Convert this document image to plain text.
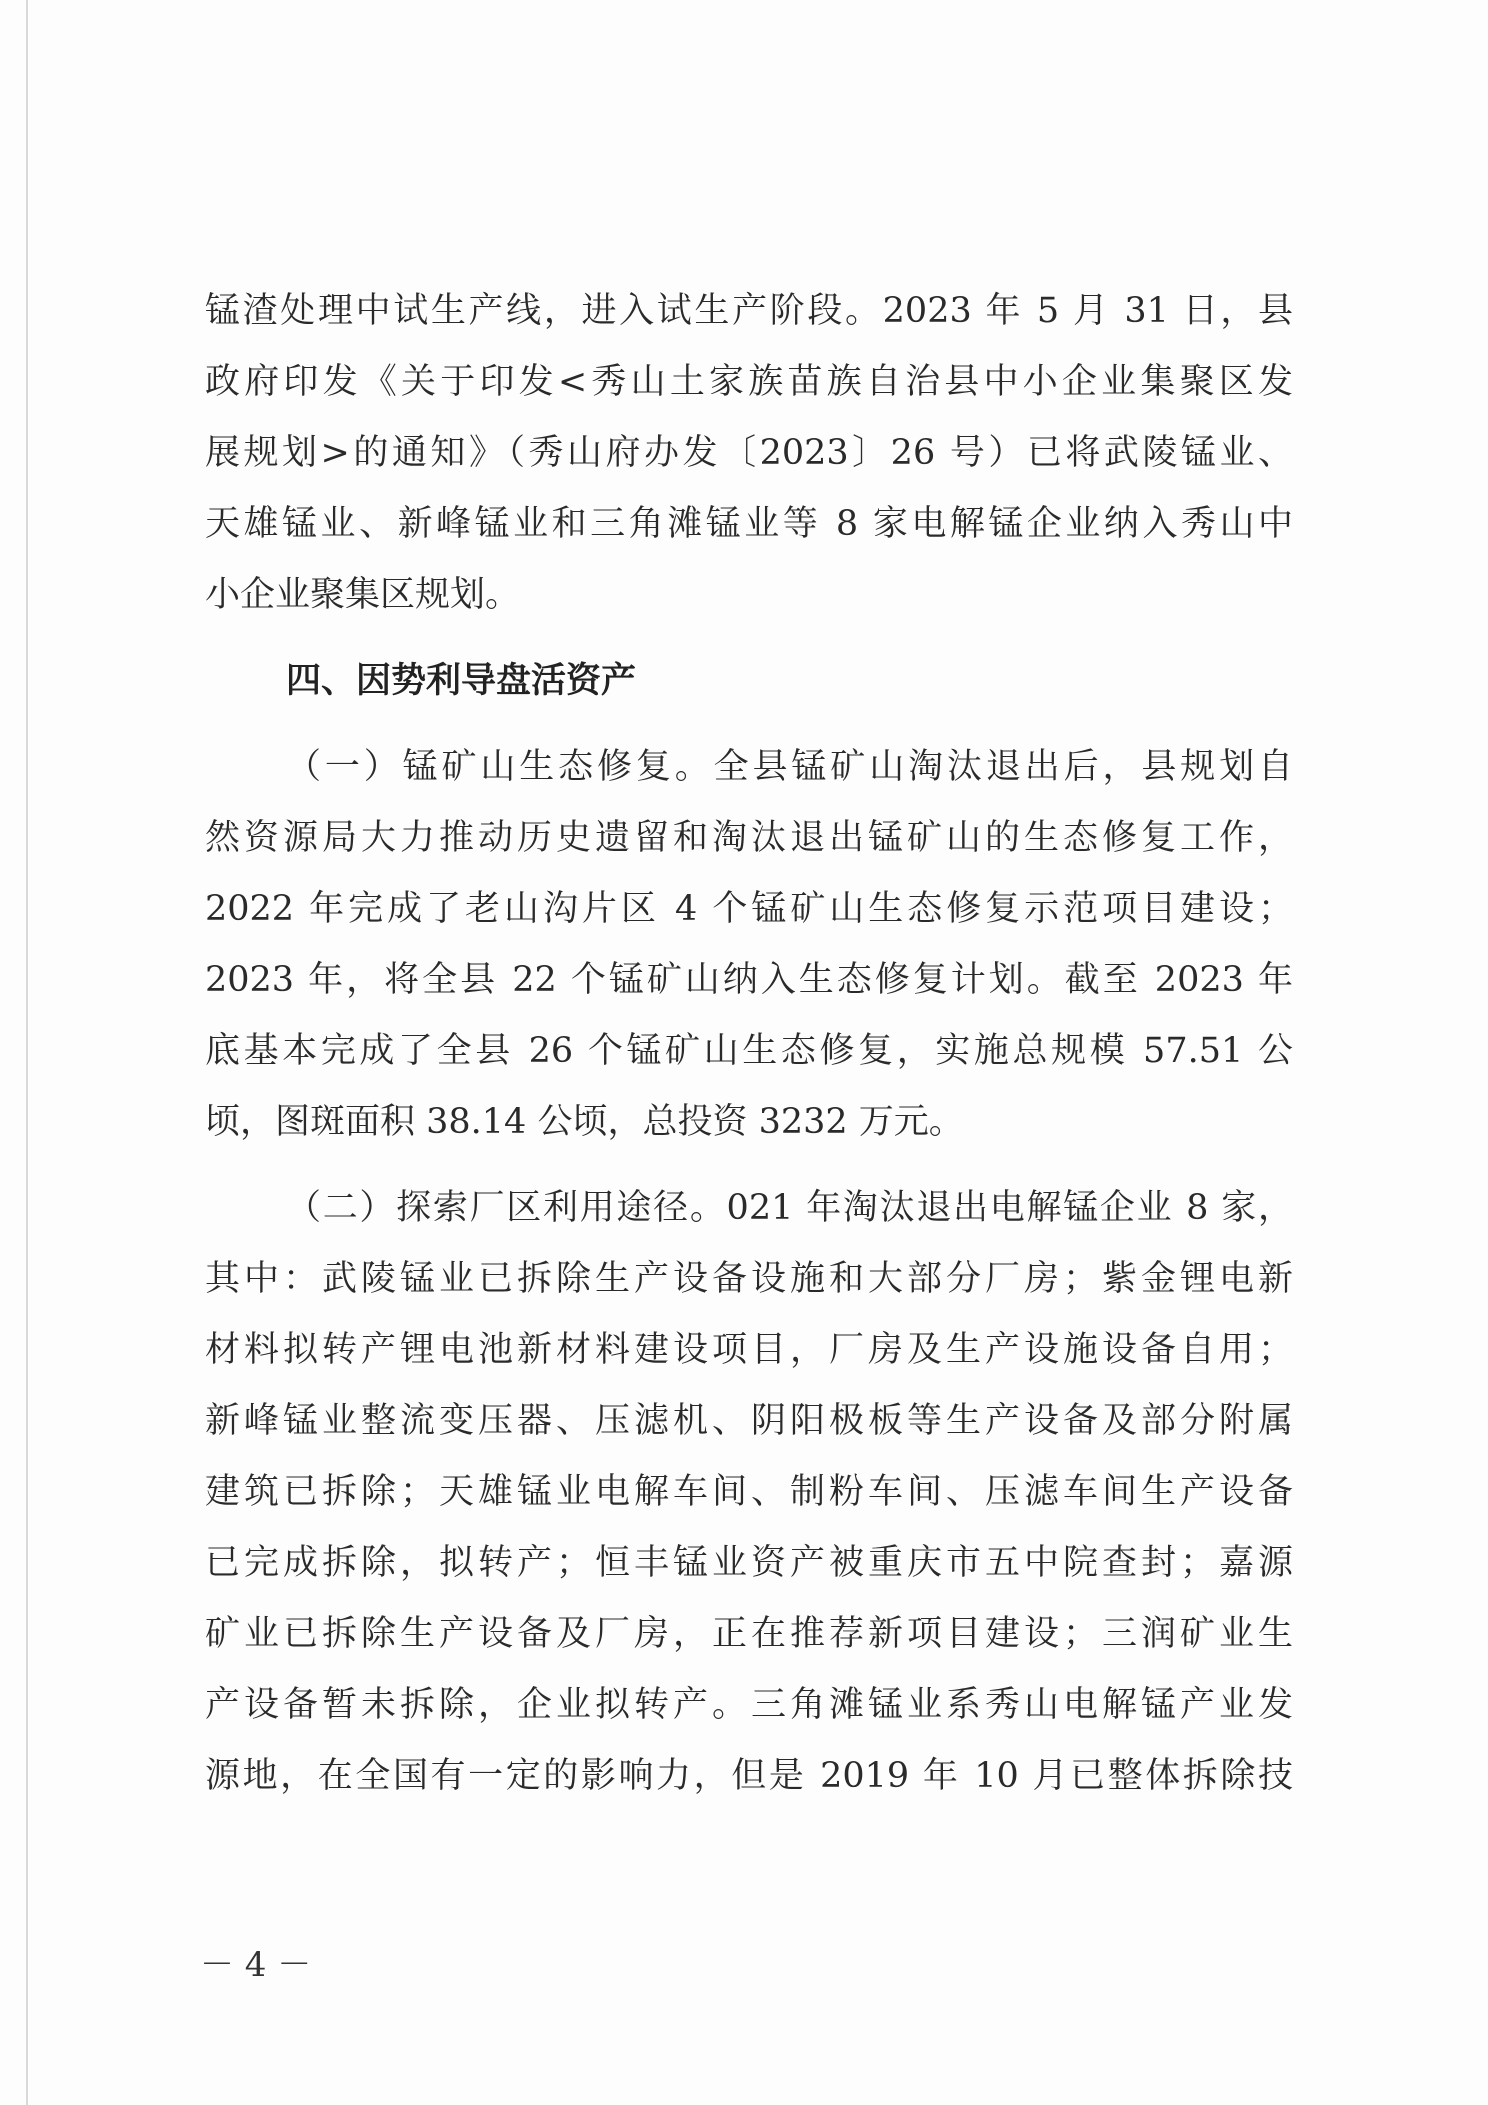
锰渣处理中试生产线，进入试生产阶段。2023 年 5 月 31 日，县
政府印发《关于印发<秀山土家族苗族自治县中小企业集聚区发
展规划>的通知》（秀山府办发〔2023〕26 号）已将武陵锰业、
天雄锰业、新峰锰业和三角滩锰业等 8 家电解锰企业纳入秀山中
小企业聚集区规划。
四、因势利导盘活资产
（一）锰矿山生态修复。全县锰矿山淘汰退出后，县规划自
然资源局大力推动历史遗留和淘汰退出锰矿山的生态修复工作，
2022 年完成了老山沟片区 4 个锰矿山生态修复示范项目建设；
2023 年，将全县 22 个锰矿山纳入生态修复计划。截至 2023 年
底基本完成了全县 26 个锰矿山生态修复，实施总规模 57.51 公
顷，图斑面积 38.14 公顷，总投资 3232 万元。
（二）探索厂区利用途径。021 年淘汰退出电解锰企业 8 家，
其中：武陵锰业已拆除生产设备设施和大部分厂房；紫金锂电新
材料拟转产锂电池新材料建设项目，厂房及生产设施设备自用；
新峰锰业整流变压器、压滤机、阴阳极板等生产设备及部分附属
建筑已拆除；天雄锰业电解车间、制粉车间、压滤车间生产设备
已完成拆除，拟转产；恒丰锰业资产被重庆市五中院查封；嘉源
矿业已拆除生产设备及厂房，正在推荐新项目建设；三润矿业生
产设备暂未拆除，企业拟转产。三角滩锰业系秀山电解锰产业发
源地，在全国有一定的影响力，但是 2019 年 10 月已整体拆除技
－ 4 －
